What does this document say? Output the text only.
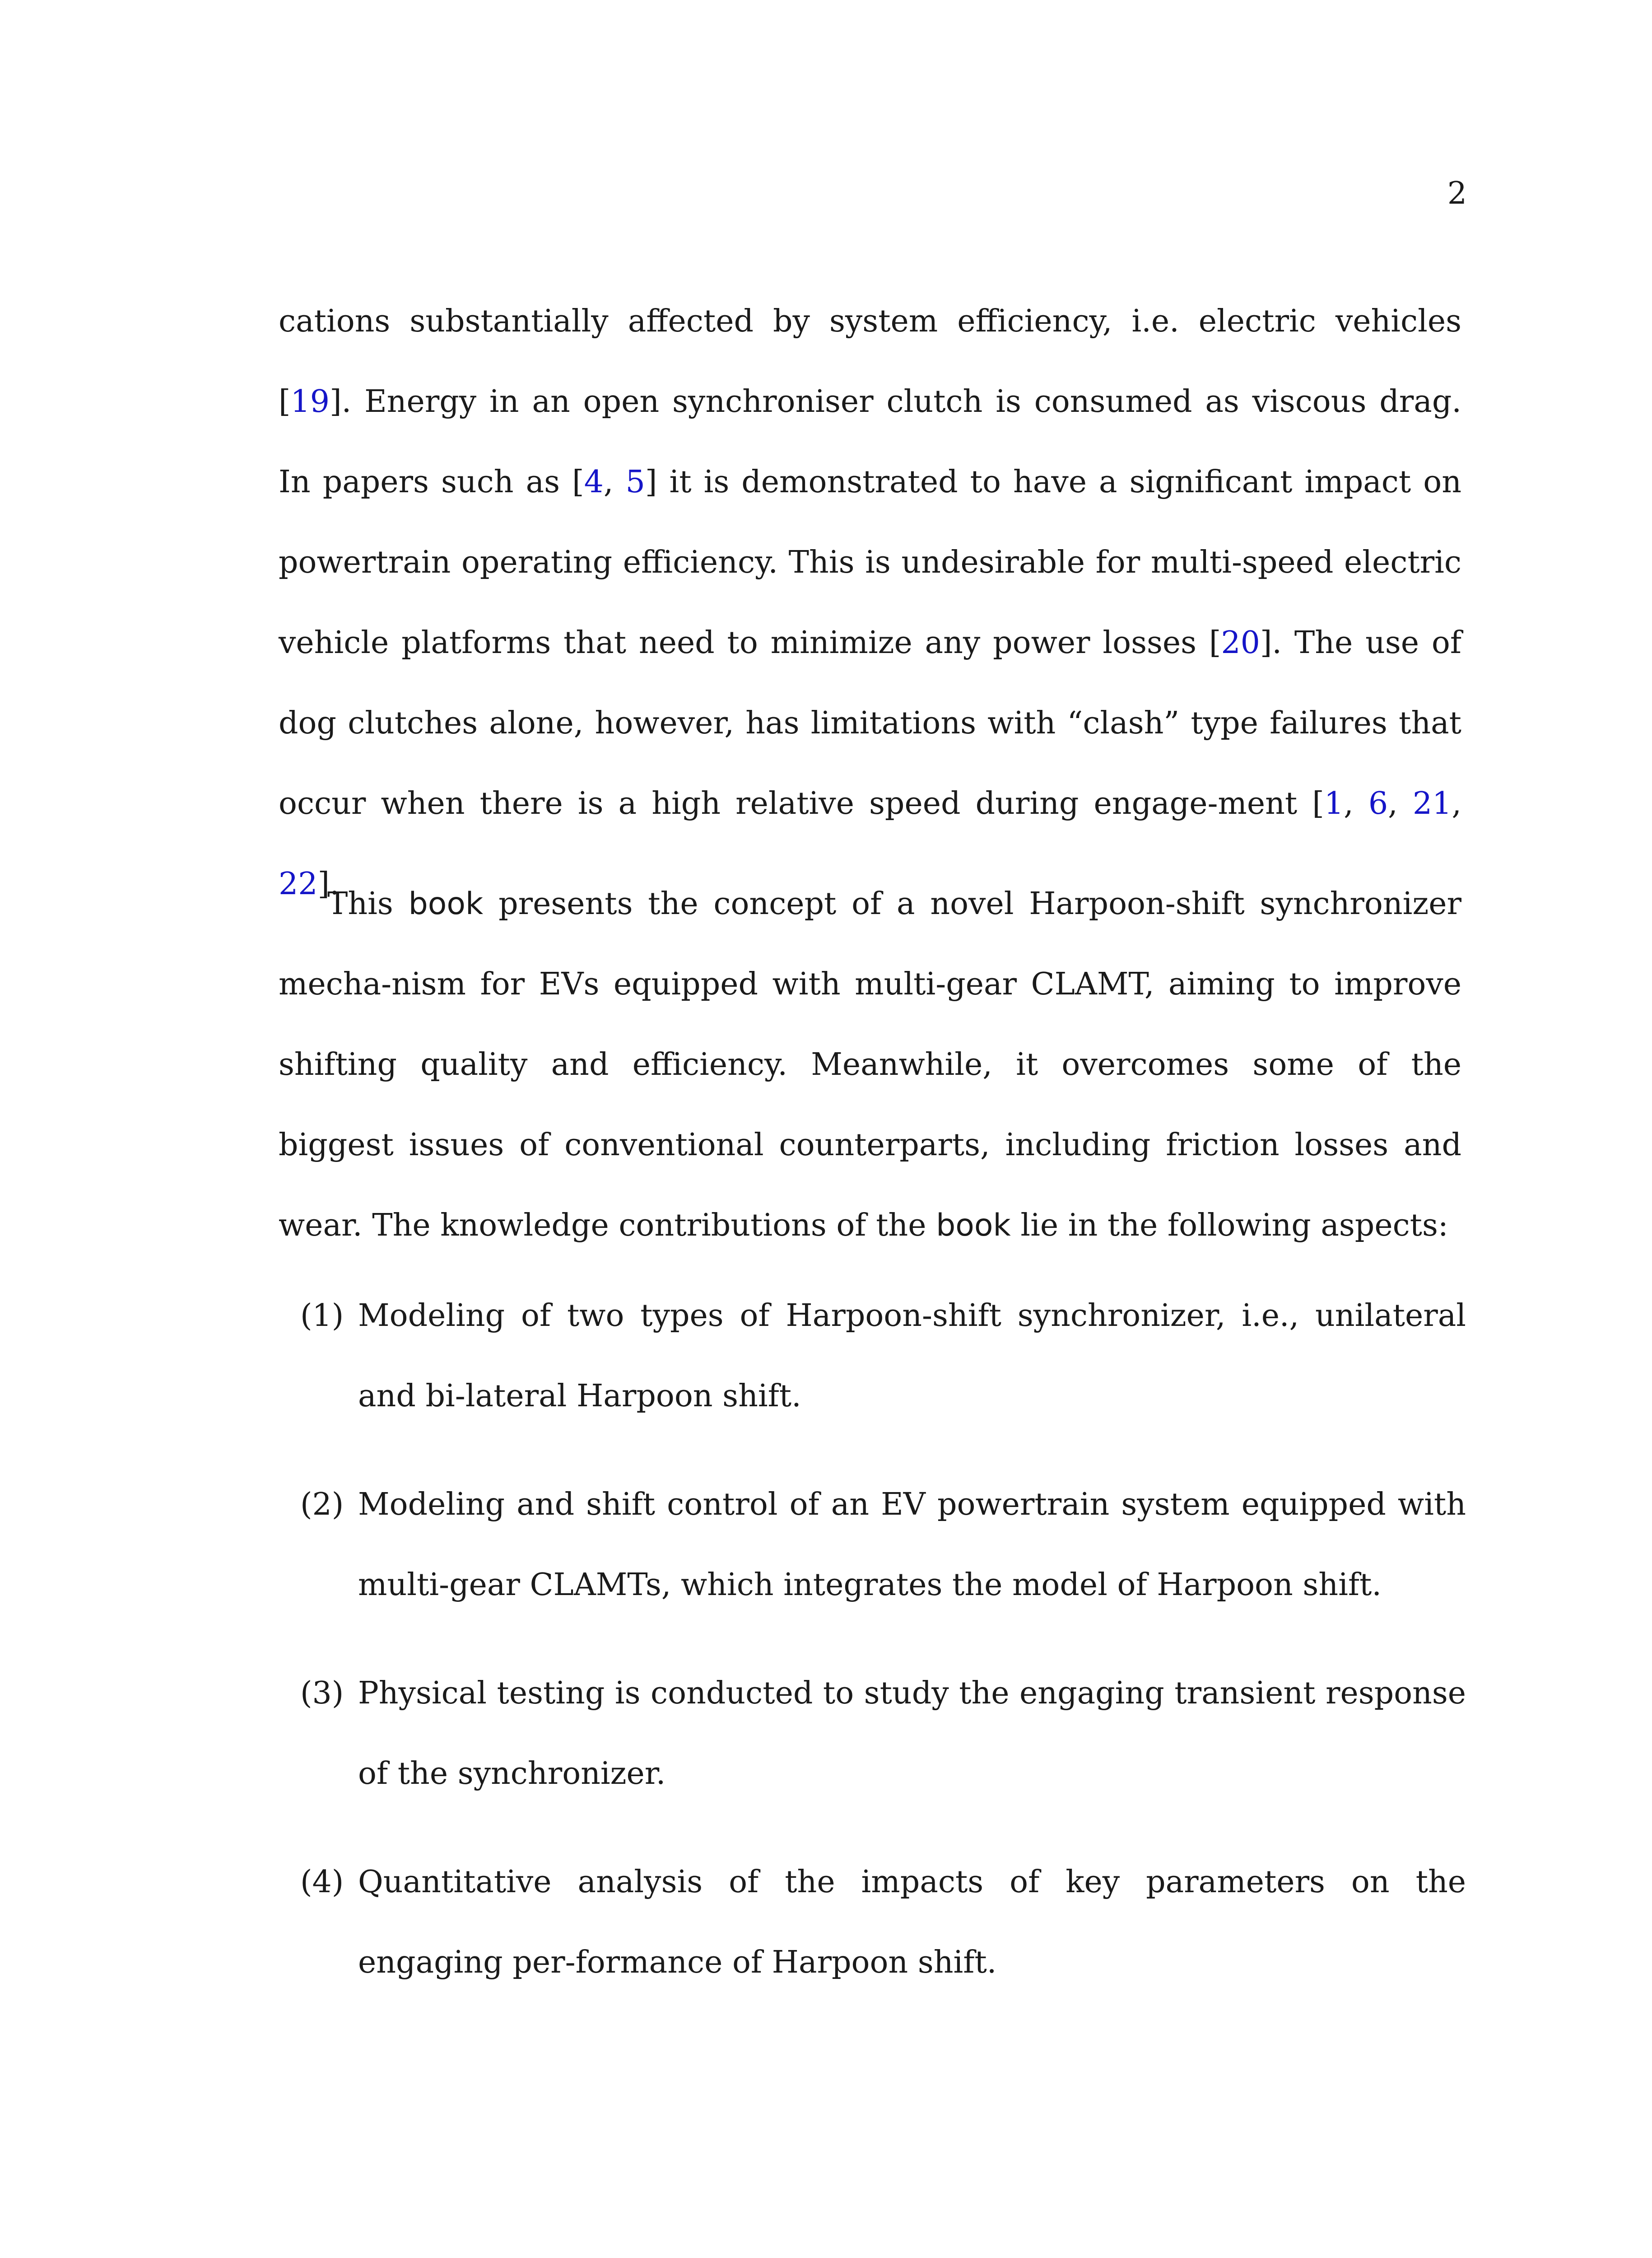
2

cations substantially affected by system efficiency, i.e. electric vehicles [19]. Energy in an open synchroniser clutch is consumed as viscous drag. In papers such as [4, 5] it is demonstrated to have a significant impact on powertrain operating efficiency. This is undesirable for multi-speed electric vehicle platforms that need to minimize any power losses [20]. The use of dog clutches alone, however, has limitations with “clash” type failures that occur when there is a high relative speed during engage-ment [1, 6, 21, 22].

This book presents the concept of a novel Harpoon-shift synchronizer mecha-nism for EVs equipped with multi-gear CLAMT, aiming to improve shifting quality and efficiency. Meanwhile, it overcomes some of the biggest issues of conventional counterparts, including friction losses and wear. The knowledge contributions of the book lie in the following aspects:

(1) Modeling of two types of Harpoon-shift synchronizer, i.e., unilateral and bi-lateral Harpoon shift.
(2) Modeling and shift control of an EV powertrain system equipped with multi-gear CLAMTs, which integrates the model of Harpoon shift.
(3) Physical testing is conducted to study the engaging transient response of the synchronizer.
(4) Quantitative analysis of the impacts of key parameters on the engaging per-formance of Harpoon shift.
